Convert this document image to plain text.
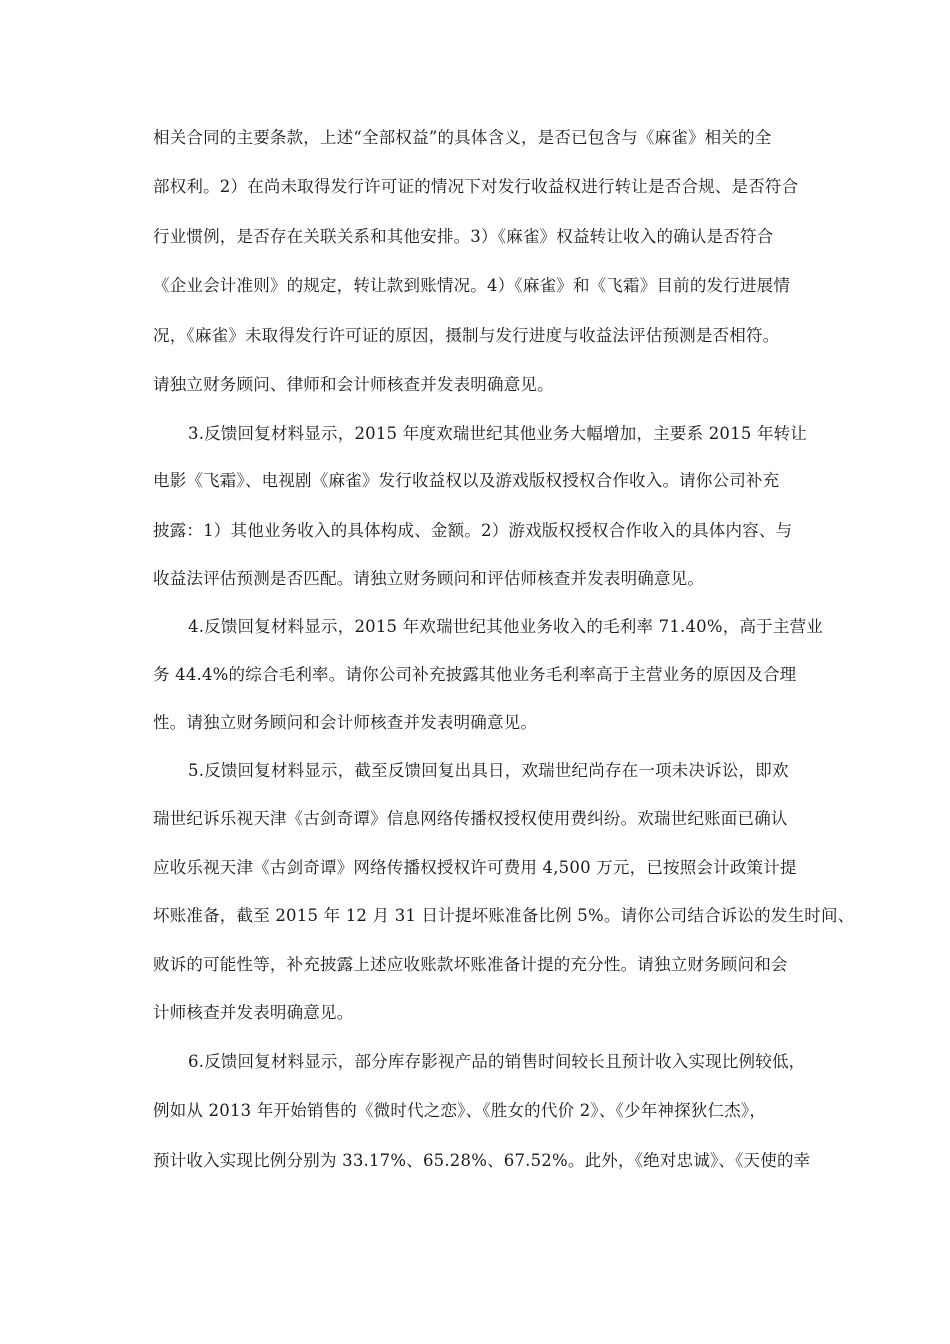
相关合同的主要条款，上述“全部权益”的具体含义，是否已包含与《麻雀》相关的全
部权利。2）在尚未取得发行许可证的情况下对发行收益权进行转让是否合规、是否符合
行业惯例，是否存在关联关系和其他安排。3）《麻雀》权益转让收入的确认是否符合
《企业会计准则》的规定，转让款到账情况。4）《麻雀》和《飞霜》目前的发行进展情
况，《麻雀》未取得发行许可证的原因，摄制与发行进度与收益法评估预测是否相符。
请独立财务顾问、律师和会计师核查并发表明确意见。
3.反馈回复材料显示，2015 年度欢瑞世纪其他业务大幅增加，主要系 2015 年转让
电影《飞霜》、电视剧《麻雀》发行收益权以及游戏版权授权合作收入。请你公司补充
披露：1）其他业务收入的具体构成、金额。2）游戏版权授权合作收入的具体内容、与
收益法评估预测是否匹配。请独立财务顾问和评估师核查并发表明确意见。
4.反馈回复材料显示，2015 年欢瑞世纪其他业务收入的毛利率 71.40%，高于主营业
务 44.4%的综合毛利率。请你公司补充披露其他业务毛利率高于主营业务的原因及合理
性。请独立财务顾问和会计师核查并发表明确意见。
5.反馈回复材料显示，截至反馈回复出具日，欢瑞世纪尚存在一项未决诉讼，即欢
瑞世纪诉乐视天津《古剑奇谭》信息网络传播权授权使用费纠纷。欢瑞世纪账面已确认
应收乐视天津《古剑奇谭》网络传播权授权许可费用 4,500 万元，已按照会计政策计提
坏账准备，截至 2015 年 12 月 31 日计提坏账准备比例 5%。请你公司结合诉讼的发生时间、
败诉的可能性等，补充披露上述应收账款坏账准备计提的充分性。请独立财务顾问和会
计师核查并发表明确意见。
6.反馈回复材料显示，部分库存影视产品的销售时间较长且预计收入实现比例较低，
例如从 2013 年开始销售的《微时代之恋》、《胜女的代价 2》、《少年神探狄仁杰》，
预计收入实现比例分别为 33.17%、65.28%、67.52%。此外，《绝对忠诚》、《天使的幸
